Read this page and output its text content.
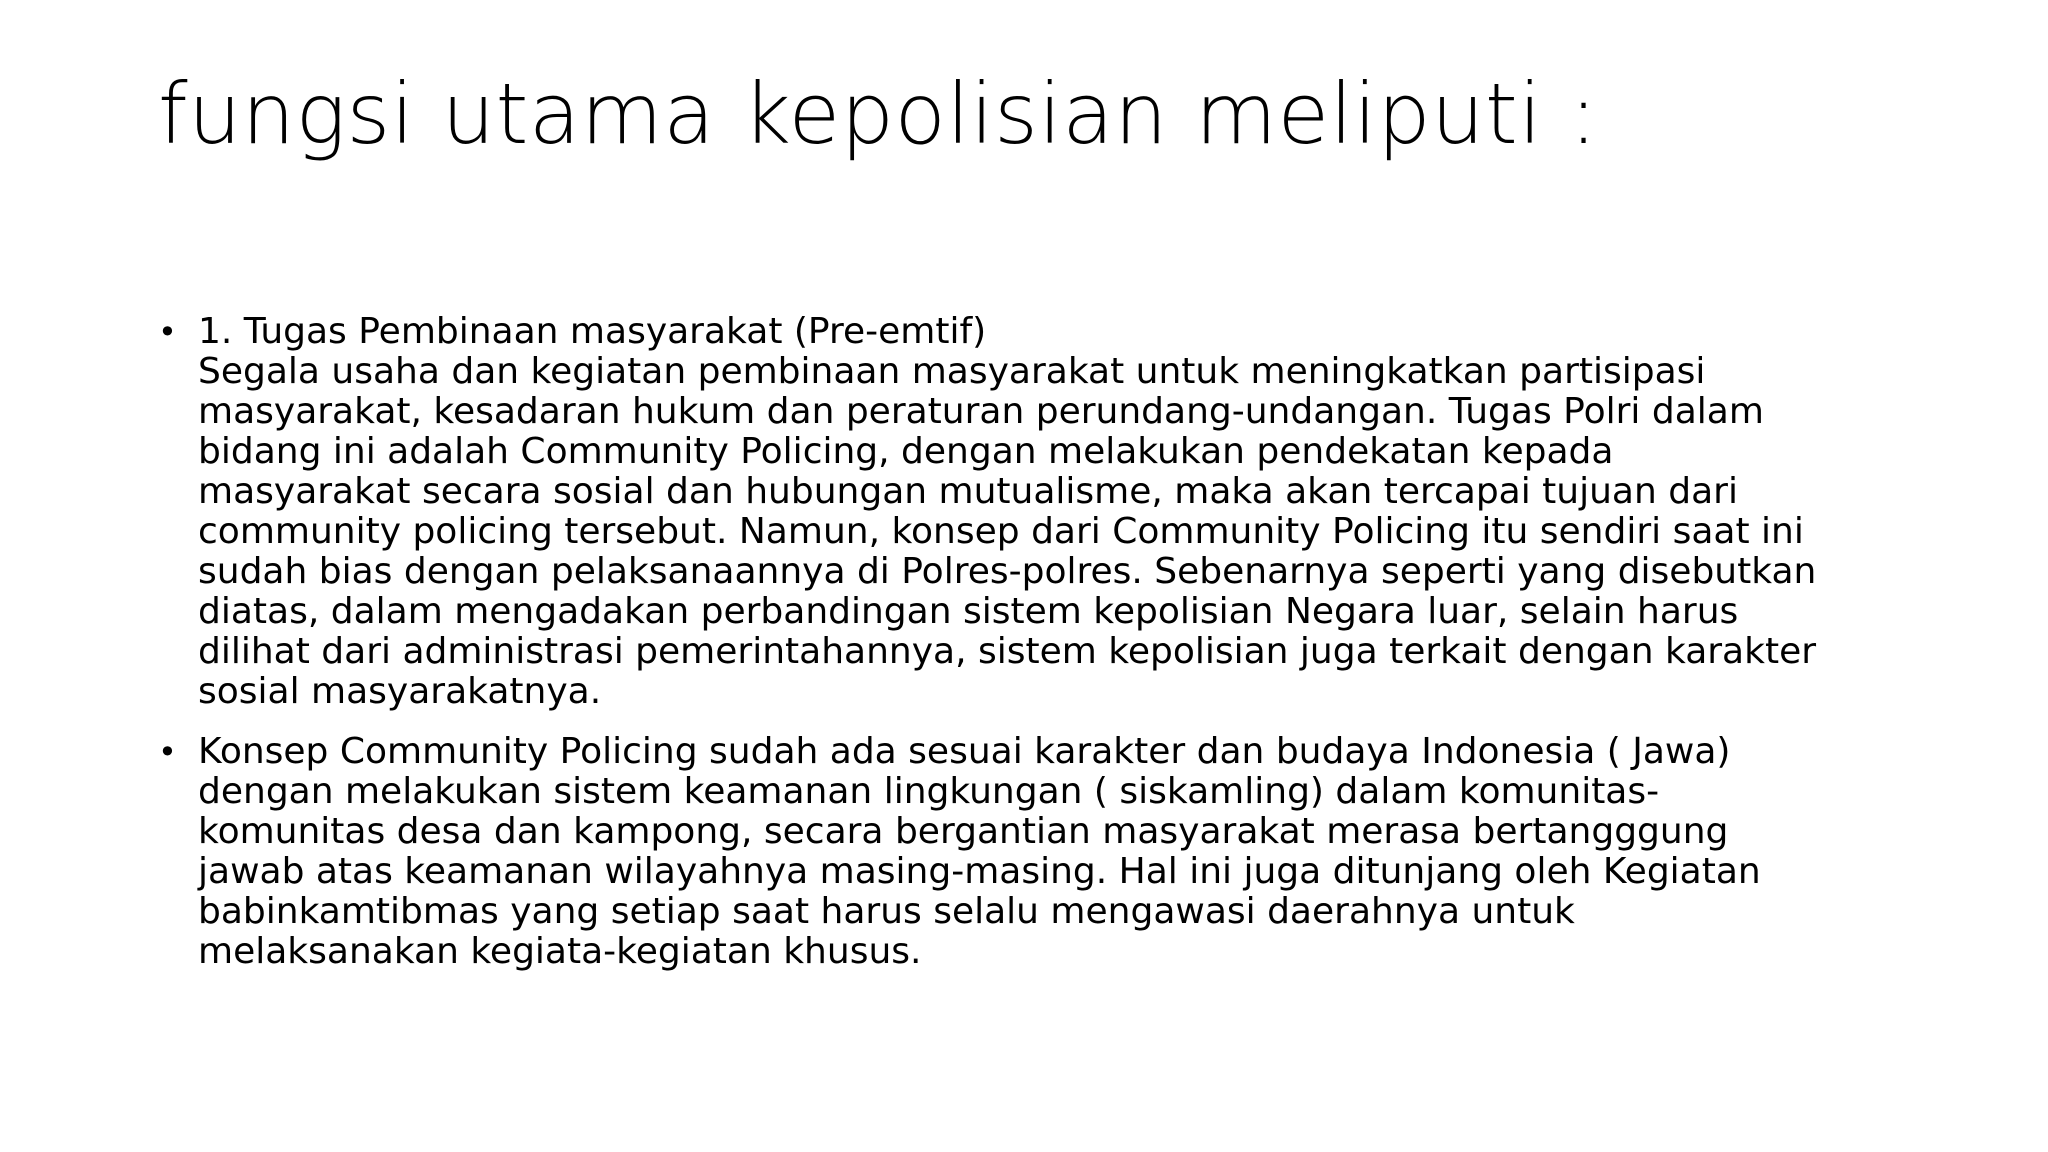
fungsi utama kepolisian meliputi :
• 1. Tugas Pembinaan masyarakat (Pre-emtif)
Segala usaha dan kegiatan pembinaan masyarakat untuk meningkatkan partisipasi
masyarakat, kesadaran hukum dan peraturan perundang-undangan. Tugas Polri dalam
bidang ini adalah Community Policing, dengan melakukan pendekatan kepada
masyarakat secara sosial dan hubungan mutualisme, maka akan tercapai tujuan dari
community policing tersebut. Namun, konsep dari Community Policing itu sendiri saat ini
sudah bias dengan pelaksanaannya di Polres-polres. Sebenarnya seperti yang disebutkan
diatas, dalam mengadakan perbandingan sistem kepolisian Negara luar, selain harus
dilihat dari administrasi pemerintahannya, sistem kepolisian juga terkait dengan karakter
sosial masyarakatnya.
• Konsep Community Policing sudah ada sesuai karakter dan budaya Indonesia ( Jawa)
dengan melakukan sistem keamanan lingkungan ( siskamling) dalam komunitas-
komunitas desa dan kampong, secara bergantian masyarakat merasa bertangggung
jawab atas keamanan wilayahnya masing-masing. Hal ini juga ditunjang oleh Kegiatan
babinkamtibmas yang setiap saat harus selalu mengawasi daerahnya untuk
melaksanakan kegiata-kegiatan khusus.
